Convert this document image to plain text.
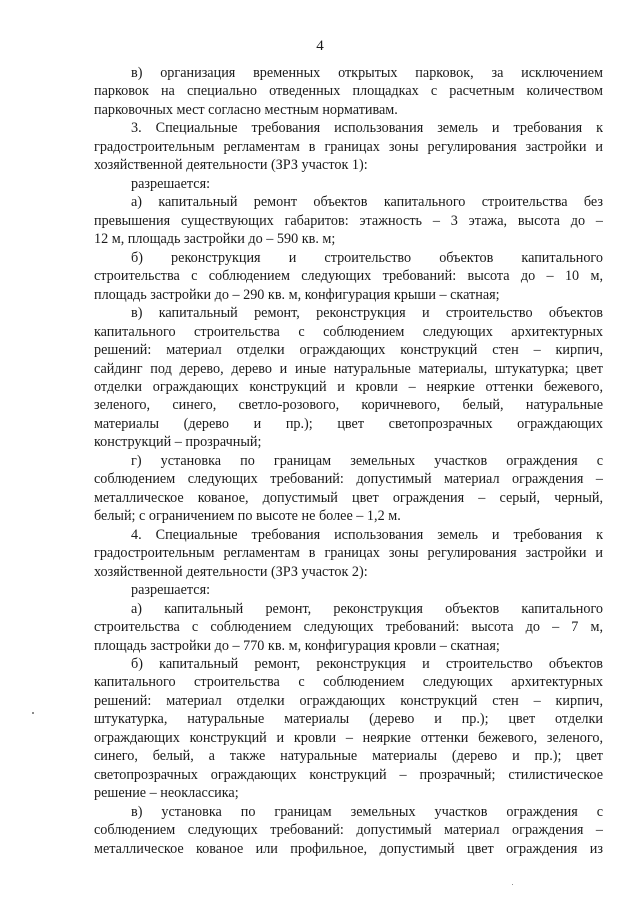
4
в) организация временных открытых парковок, за исключением
парковок на специально отведенных площадках с расчетным количеством
парковочных мест согласно местным нормативам.
3. Специальные требования использования земель и требования к
градостроительным регламентам в границах зоны регулирования застройки и
хозяйственной деятельности (ЗРЗ участок 1):
разрешается:
а) капитальный ремонт объектов капитального строительства без
превышения существующих габаритов: этажность – 3 этажа, высота до –
12 м, площадь застройки до – 590 кв. м;
б) реконструкция и строительство объектов капитального
строительства с соблюдением следующих требований: высота до – 10 м,
площадь застройки до – 290 кв. м, конфигурация крыши – скатная;
в) капитальный ремонт, реконструкция и строительство объектов
капитального строительства с соблюдением следующих архитектурных
решений: материал отделки ограждающих конструкций стен – кирпич,
сайдинг под дерево, дерево и иные натуральные материалы, штукатурка; цвет
отделки ограждающих конструкций и кровли – неяркие оттенки бежевого,
зеленого, синего, светло-розового, коричневого, белый, натуральные
материалы (дерево и пр.); цвет светопрозрачных ограждающих
конструкций – прозрачный;
г) установка по границам земельных участков ограждения с
соблюдением следующих требований: допустимый материал ограждения –
металлическое кованое, допустимый цвет ограждения – серый, черный,
белый; с ограничением по высоте не более – 1,2 м.
4. Специальные требования использования земель и требования к
градостроительным регламентам в границах зоны регулирования застройки и
хозяйственной деятельности (ЗРЗ участок 2):
разрешается:
а) капитальный ремонт, реконструкция объектов капитального
строительства с соблюдением следующих требований: высота до – 7 м,
площадь застройки до – 770 кв. м, конфигурация кровли – скатная;
б) капитальный ремонт, реконструкция и строительство объектов
капитального строительства с соблюдением следующих архитектурных
решений: материал отделки ограждающих конструкций стен – кирпич,
штукатурка, натуральные материалы (дерево и пр.); цвет отделки
ограждающих конструкций и кровли – неяркие оттенки бежевого, зеленого,
синего, белый, а также натуральные материалы (дерево и пр.); цвет
светопрозрачных ограждающих конструкций – прозрачный; стилистическое
решение – неоклассика;
в) установка по границам земельных участков ограждения с
соблюдением следующих требований: допустимый материал ограждения –
металлическое кованое или профильное, допустимый цвет ограждения из
